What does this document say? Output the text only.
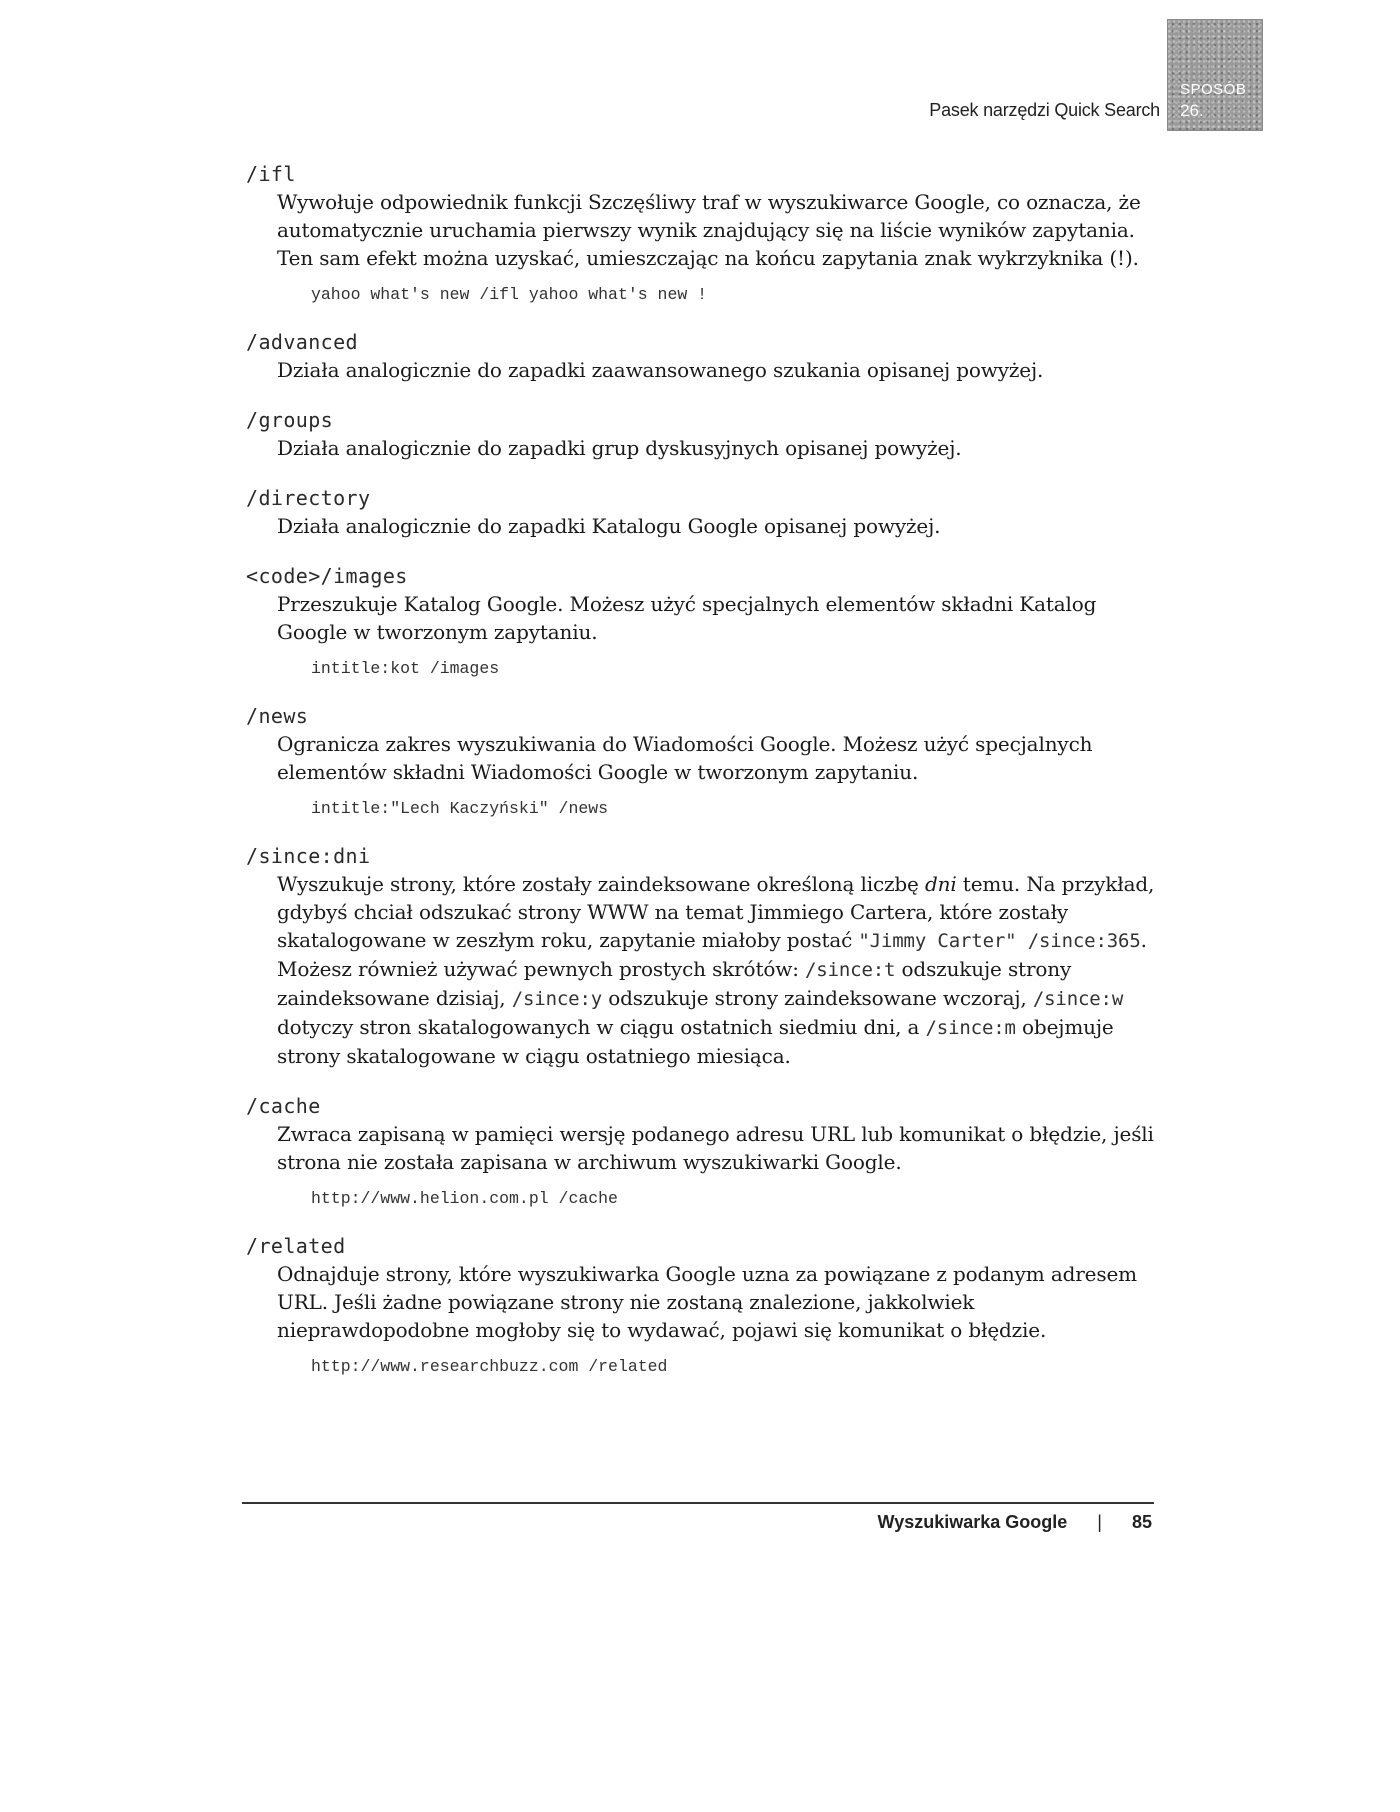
Pasek narzędzi Quick Search
SPOSÓB
26.
/ifl
Wywołuje odpowiednik funkcji Szczęśliwy traf w wyszukiwarce Google, co oznacza, że automatycznie uruchamia pierwszy wynik znajdujący się na liście wyników zapytania. Ten sam efekt można uzyskać, umieszczając na końcu zapytania znak wykrzyknika (!).
yahoo what's new /ifl yahoo what's new !
/advanced
Działa analogicznie do zapadki zaawansowanego szukania opisanej powyżej.
/groups
Działa analogicznie do zapadki grup dyskusyjnych opisanej powyżej.
/directory
Działa analogicznie do zapadki Katalogu Google opisanej powyżej.
<code>/images
Przeszukuje Katalog Google. Możesz użyć specjalnych elementów składni Katalog Google w tworzonym zapytaniu.
intitle:kot /images
/news
Ogranicza zakres wyszukiwania do Wiadomości Google. Możesz użyć specjalnych elementów składni Wiadomości Google w tworzonym zapytaniu.
intitle:"Lech Kaczyński" /news
/since:dni
Wyszukuje strony, które zostały zaindeksowane określoną liczbę dni temu. Na przykład, gdybyś chciał odszukać strony WWW na temat Jimmiego Cartera, które zostały skatalogowane w zeszłym roku, zapytanie miałoby postać "Jimmy Carter" /since:365. Możesz również używać pewnych prostych skrótów: /since:t odszukuje strony zaindeksowane dzisiaj, /since:y odszukuje strony zaindeksowane wczoraj, /since:w dotyczy stron skatalogowanych w ciągu ostatnich siedmiu dni, a /since:m obejmuje strony skatalogowane w ciągu ostatniego miesiąca.
/cache
Zwraca zapisaną w pamięci wersję podanego adresu URL lub komunikat o błędzie, jeśli strona nie została zapisana w archiwum wyszukiwarki Google.
http://www.helion.com.pl /cache
/related
Odnajduje strony, które wyszukiwarka Google uzna za powiązane z podanym adresem URL. Jeśli żadne powiązane strony nie zostaną znalezione, jakkolwiek nieprawdopodobne mogłoby się to wydawać, pojawi się komunikat o błędzie.
http://www.researchbuzz.com /related
Wyszukiwarka Google | 85
